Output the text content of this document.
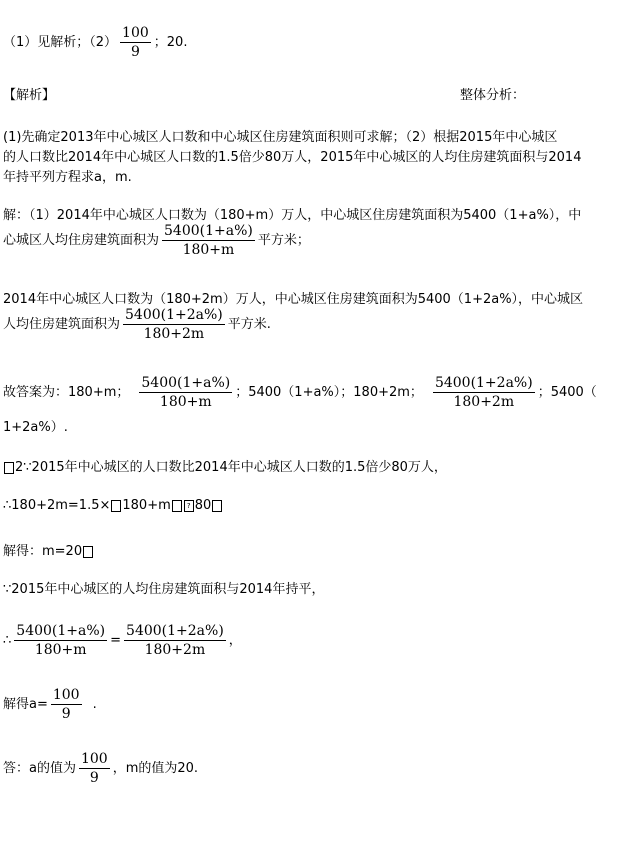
（1）见解析；$(2) \frac{100}{9}$ ；20.
【解析】	整体分析：
(1)先确定2013年中心城区人口数和中心城区住房建筑面积则可求解；（2）根据2015年中心城区
的人口数比2014年中心城区人口数的1.5倍少80万人，2015年中心城区的人均住房建筑面积与2014
年持平列方程求a，m.
解：（1）2014年中心城区人口数为（180+m）万人，中心城区住房建筑面积为5400（1+a%），中
心城区人均住房建筑面积为 $\frac{5400(1+a\%)}{180+m}$ 平方米；
2014年中心城区人口数为（180+2m）万人，中心城区住房建筑面积为5400（1+2a%），中心城区
人均住房建筑面积为 $\frac{5400(1+2a\%)}{180+2m}$ 平方米.
故答案为：180+m； $\frac{5400(1+a\%)}{180+m}$ ；5400（1+a%）；180+2m； $\frac{5400(1+2a\%)}{180+2m}$ ；5400（
1+2a%）.
2∵2015年中心城区的人口数比2014年中心城区人口数的1.5倍少80万人，
∴180+2m=1.5× 180+m ? 80
解得：m=20
∵2015年中心城区的人均住房建筑面积与2014年持平，
∴ $\frac{5400(1+a\%)}{180+m} = \frac{5400(1+2a\%)}{180+2m}$ ，
解得$a= \frac{100}{9}$ .
答：a的值为 $\frac{100}{9}$ ，m的值为20.
